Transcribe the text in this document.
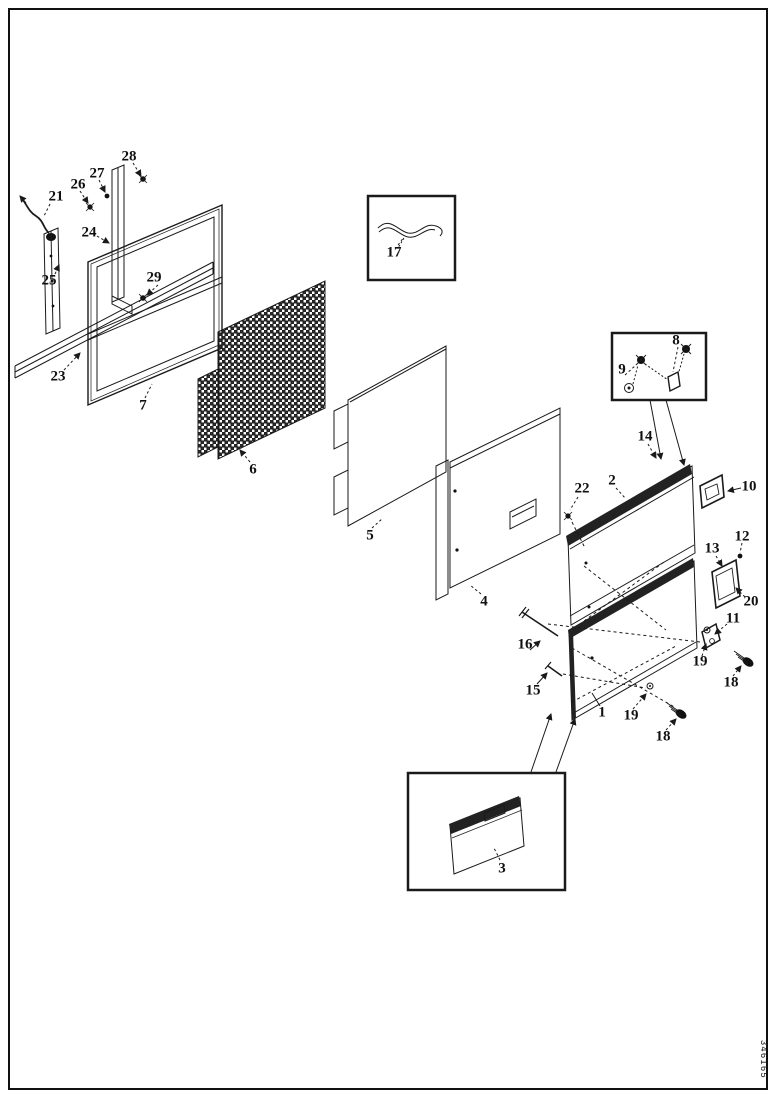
1
2
3
4
5
6
7
8
9
10
11
12
13
14
15
16
17
18
18
19
19
20
21
22
23
24
25
26
27
28
29
346165
